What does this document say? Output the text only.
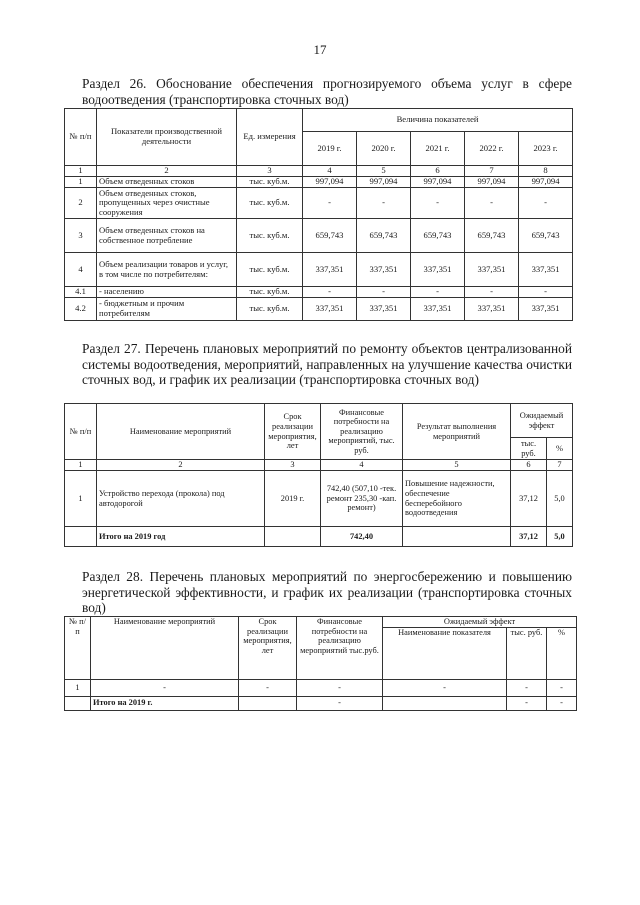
17
Раздел 26. Обоснование обеспечения прогнозируемого объема услуг в сфере водоотведения (транспортировка сточных вод)
№ п/п	Показатели производственной деятельности	Ед. измерения	Величина показателей				
			2019 г.	2020 г.	2021 г.	2022 г.	2023 г.
1	2	3	4	5	6	7	8
1	Объем отведенных стоков	тыс. куб.м.	997,094	997,094	997,094	997,094	997,094
2	Объем отведенных стоков, пропущенных через очистные сооружения	тыс. куб.м.	-	-	-	-	-
3	Объем отведенных стоков на собственное потребление	тыс. куб.м.	659,743	659,743	659,743	659,743	659,743
4	Объем реализации товаров и услуг, в том числе по потребителям:	тыс. куб.м.	337,351	337,351	337,351	337,351	337,351
4.1	- населению	тыс. куб.м.	-	-	-	-	-
4.2	- бюджетным и прочим потребителям	тыс. куб.м.	337,351	337,351	337,351	337,351	337,351
Раздел 27. Перечень плановых мероприятий по ремонту объектов централизованной системы водоотведения, мероприятий, направленных на улучшение качества очистки сточных вод, и график их реализации (транспортировка сточных вод)
№ п/п	Наименование мероприятий	Срок реализации мероприятия, лет	Финансовые потребности на реализацию мероприятий, тыс. руб.	Результат выполнения мероприятий	Ожидаемый эффект	
					тыс. руб.	%
1	2	3	4	5	6	7
1	Устройство перехода (прокола) под автодорогой	2019 г.	742,40 (507,10 -тек. ремонт 235,30 -кап. ремонт)	Повышение надежности, обеспечение бесперебойного водоотведения	37,12	5,0
	Итого на 2019 год		742,40		37,12	5,0
Раздел 28. Перечень плановых мероприятий по энергосбережению и повышению энергетической эффективности, и график их реализации (транспортировка сточных вод)
№ п/п	Наименование мероприятий	Срок реализации мероприятия, лет	Финансовые потребности на реализацию мероприятий тыс.руб.	Ожидаемый эффект		
				Наименование показателя	тыс. руб.	%
1	-	-	-	-	-	-
	Итого на 2019 г.		-		-	-
